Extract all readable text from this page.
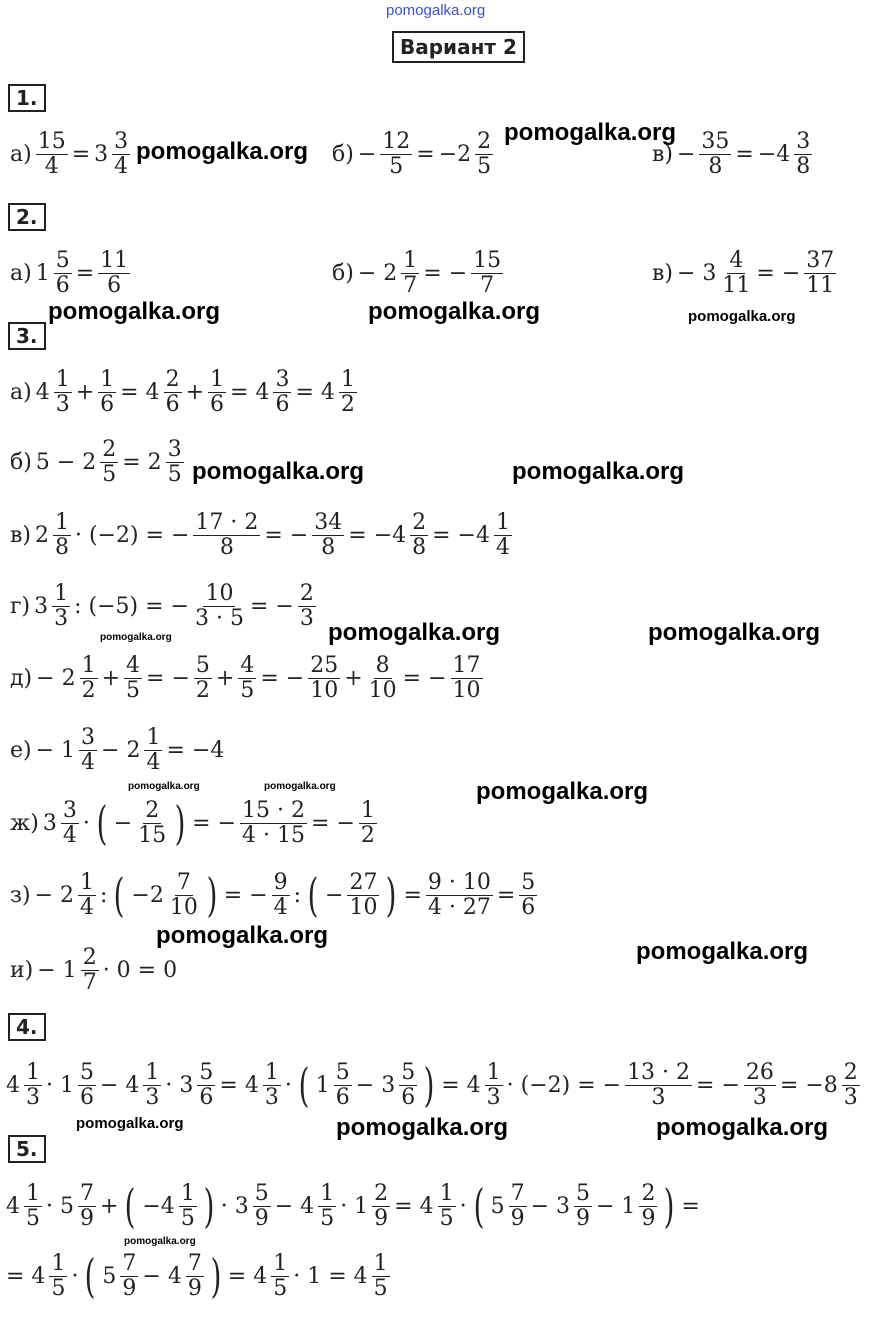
pomogalka.org
Вариант 2
1.
$а) \frac{15}{4} = 3 \frac{3}{4}$	$б) - \frac{12}{5} = -2 \frac{2}{5}$	$в) - \frac{35}{8} = -4 \frac{3}{8}$
pomogalka.org
pomogalka.org
2.
а) $1 \frac{5}{6} = \frac{11}{6}$	$б) - 2 \frac{1}{7}$ = − $\frac{15}{7}$	$в) - 3 \frac{4}{11}$ = − $\frac{37}{11}$
pomogalka.org	pomogalka.org	pomogalka.org
3.
а) $4 \frac{1}{3} + \frac{1}{6} = 4 \frac{2}{6} + \frac{1}{6} = 4 \frac{3}{6} = 4 \frac{1}{2}$
б) $5 - 2 \frac{2}{5} = 2 \frac{3}{5}$ pomogalka.org	pomogalka.org
в) $2 \frac{1}{8} \cdot (-2)$ = − $\frac{17 \cdot 2}{8}$ = − $\frac{34}{8} = -4 \frac{2}{8} = -4 \frac{1}{4}$
г) $3 \frac{1}{3}$ : (−5) = − $\frac{10}{3 \cdot 5}$ = − $\frac{2}{3}$
pomogalka.org	pomogalka.org	pomogalka.org
$д) - 2 \frac{1}{2} + \frac{4}{5}$ = − $\frac{5}{2} + \frac{4}{5}$ = − $\frac{25}{10} + \frac{8}{10}$ = − $\frac{17}{10}$
$е) - 1 \frac{3}{4} - 2 \frac{1}{4} = -4$
pomogalka.org	pomogalka.org	pomogalka.org
ж) $3 \frac{3}{4}$ · ( − $\frac{2}{15}$ ) = − $\frac{15 \cdot 2}{4 \cdot 15}$ = − $\frac{1}{2}$
$з) - 2 \frac{1}{4}$ : ( $-2 \frac{7}{10}$ ) = − $\frac{9}{4}$ : ( − $\frac{27}{10}$ ) = $\frac{9 \cdot 10}{4 \cdot 27} = \frac{5}{6}$
pomogalka.org
pomogalka.org
$и) - 1 \frac{2}{7} \cdot 0 = 0$
4.
$4 \frac{1}{3} \cdot 1 \frac{5}{6} - 4 \frac{1}{3} \cdot 3 \frac{5}{6} = 4 \frac{1}{3}$ · ( $1 \frac{5}{6} - 3 \frac{5}{6}$ ) = $4 \frac{1}{3} \cdot (-2)$ = − $\frac{13 \cdot 2}{3}$ = − $\frac{26}{3} = -8 \frac{2}{3}$
pomogalka.org	pomogalka.org	pomogalka.org
5.
$4 \frac{1}{5} \cdot 5 \frac{7}{9}$ + ( $-4 \frac{1}{5}$ ) · $3 \frac{5}{9} - 4 \frac{1}{5} \cdot 1 \frac{2}{9} = 4 \frac{1}{5}$ · ( $5 \frac{7}{9} - 3 \frac{5}{9} - 1 \frac{2}{9}$ ) =
pomogalka.org
= $4 \frac{1}{5}$ · ( $5 \frac{7}{9} - 4 \frac{7}{9}$ ) = $4 \frac{1}{5} \cdot 1 = 4 \frac{1}{5}$
